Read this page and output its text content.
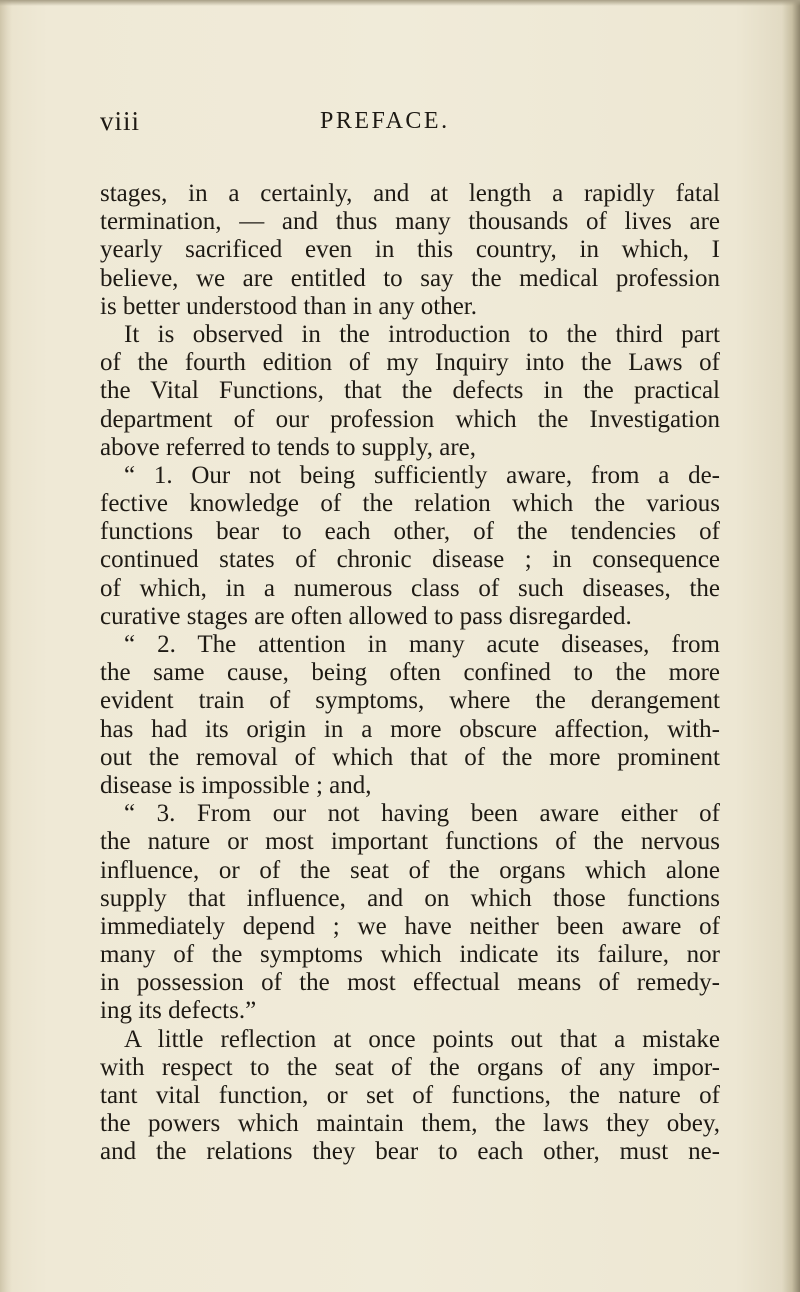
viii	PREFACE.
stages, in a certainly, and at length a rapidly fatal
termination, — and thus many thousands of lives are
yearly sacrificed even in this country, in which, I
believe, we are entitled to say the medical profession
is better understood than in any other.
It is observed in the introduction to the third part
of the fourth edition of my Inquiry into the Laws of
the Vital Functions, that the defects in the practical
department of our profession which the Investigation
above referred to tends to supply, are,
“ 1. Our not being sufficiently aware, from a de-
fective knowledge of the relation which the various
functions bear to each other, of the tendencies of
continued states of chronic disease ; in consequence
of which, in a numerous class of such diseases, the
curative stages are often allowed to pass disregarded.
“ 2. The attention in many acute diseases, from
the same cause, being often confined to the more
evident train of symptoms, where the derangement
has had its origin in a more obscure affection, with-
out the removal of which that of the more prominent
disease is impossible ; and,
“ 3. From our not having been aware either of
the nature or most important functions of the nervous
influence, or of the seat of the organs which alone
supply that influence, and on which those functions
immediately depend ; we have neither been aware of
many of the symptoms which indicate its failure, nor
in possession of the most effectual means of remedy-
ing its defects.”
A little reflection at once points out that a mistake
with respect to the seat of the organs of any impor-
tant vital function, or set of functions, the nature of
the powers which maintain them, the laws they obey,
and the relations they bear to each other, must ne-
